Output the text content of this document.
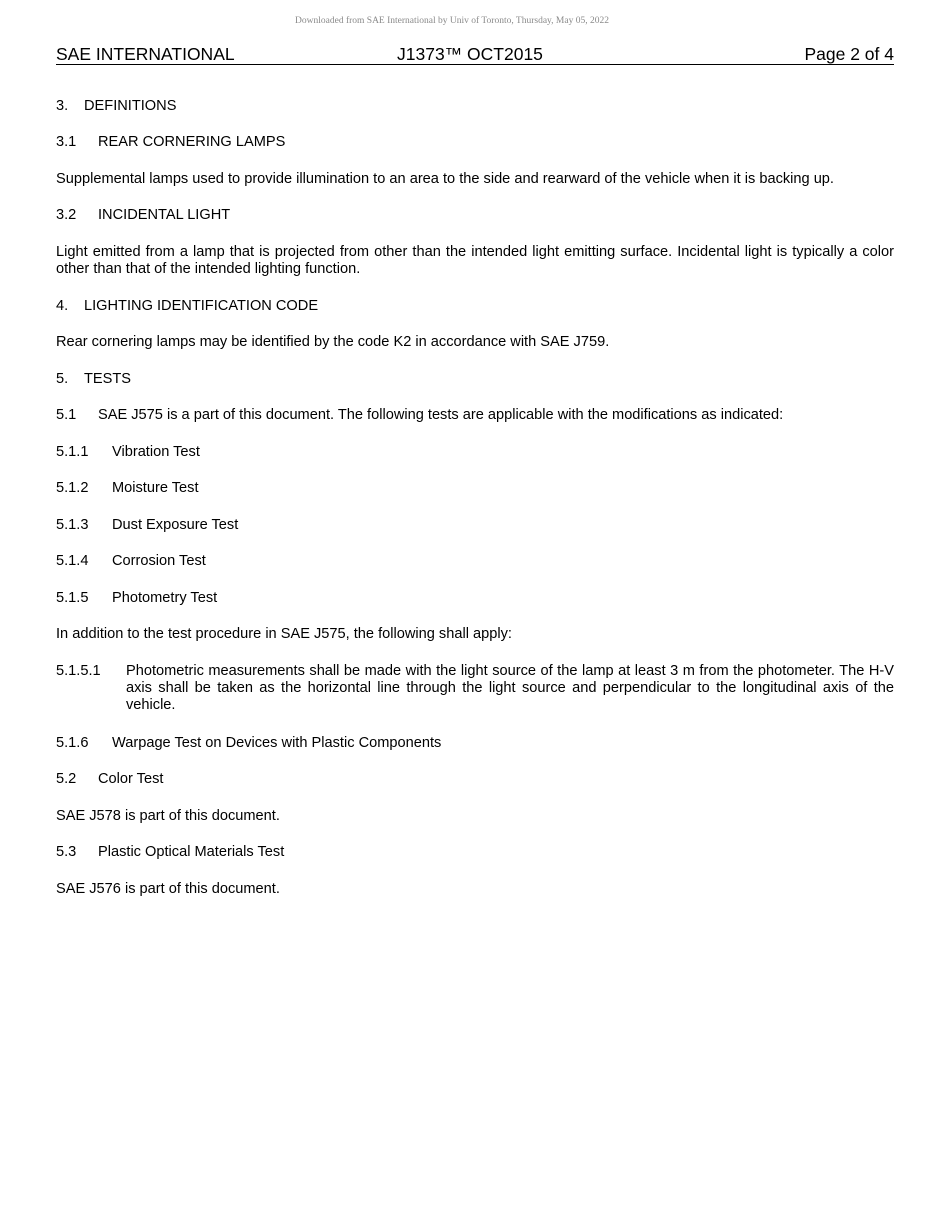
Downloaded from SAE International by Univ of Toronto, Thursday, May 05, 2022
SAE INTERNATIONAL	J1373™ OCT2015	Page 2 of 4
3. DEFINITIONS
3.1 REAR CORNERING LAMPS
Supplemental lamps used to provide illumination to an area to the side and rearward of the vehicle when it is backing up.
3.2 INCIDENTAL LIGHT
Light emitted from a lamp that is projected from other than the intended light emitting surface. Incidental light is typically a color other than that of the intended lighting function.
4. LIGHTING IDENTIFICATION CODE
Rear cornering lamps may be identified by the code K2 in accordance with SAE J759.
5. TESTS
5.1 SAE J575 is a part of this document. The following tests are applicable with the modifications as indicated:
5.1.1 Vibration Test
5.1.2 Moisture Test
5.1.3 Dust Exposure Test
5.1.4 Corrosion Test
5.1.5 Photometry Test
In addition to the test procedure in SAE J575, the following shall apply:
5.1.5.1 Photometric measurements shall be made with the light source of the lamp at least 3 m from the photometer. The H-V axis shall be taken as the horizontal line through the light source and perpendicular to the longitudinal axis of the vehicle.
5.1.6 Warpage Test on Devices with Plastic Components
5.2 Color Test
SAE J578 is part of this document.
5.3 Plastic Optical Materials Test
SAE J576 is part of this document.
